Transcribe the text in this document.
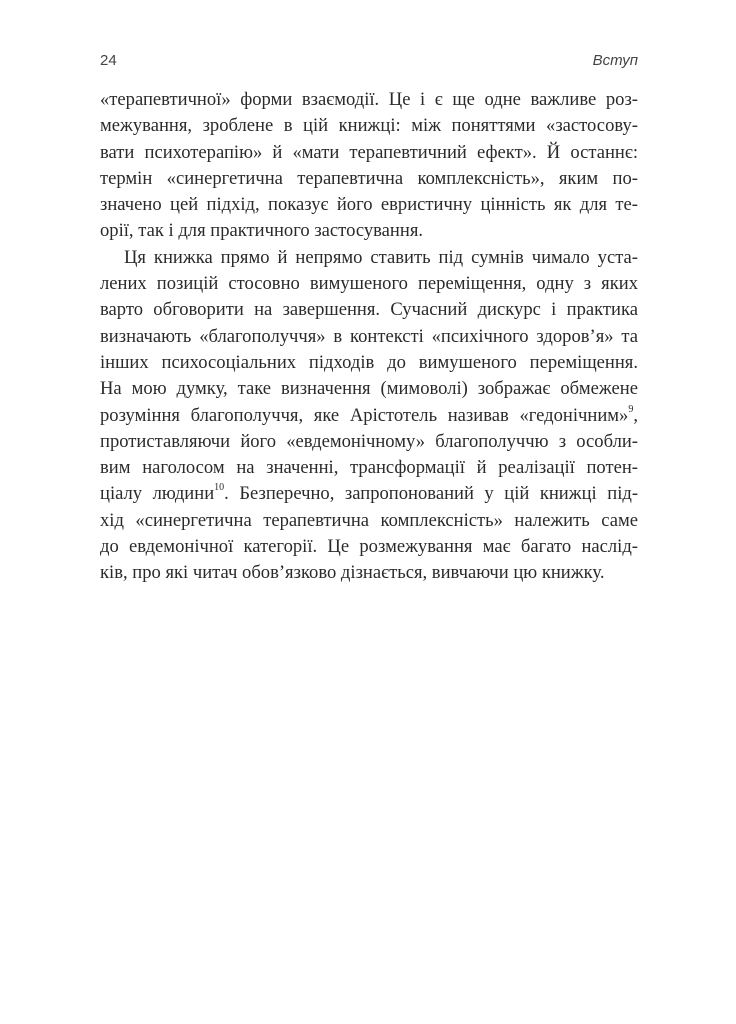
24	Вступ
«терапевтичної» форми взаємодії. Це і є ще одне важливе роз-
межування, зроблене в цій книжці: між поняттями «застосову-
вати психотерапію» й «мати терапевтичний ефект». Й останнє:
термін «синергетична терапевтична комплексність», яким по-
значено цей підхід, показує його евристичну цінність як для те-
орії, так і для практичного застосування.
Ця книжка прямо й непрямо ставить під сумнів чимало уста-
лених позицій стосовно вимушеного переміщення, одну з яких
варто обговорити на завершення. Сучасний дискурс і практика
визначають «благополуччя» в контексті «психічного здоров’я» та
інших психосоціальних підходів до вимушеного переміщення.
На мою думку, таке визначення (мимоволі) зображає обмежене
розуміння благополуччя, яке Арістотель називав «гедонічним»$^9$,
протиставляючи його «евдемонічному» благополуччю з особли-
вим наголосом на значенні, трансформації й реалізації потен-
ціалу людини$^{10}$. Безперечно, запропонований у цій книжці під-
хід «синергетична терапевтична комплексність» належить саме
до евдемонічної категорії. Це розмежування має багато наслід-
ків, про які читач обов’язково дізнається, вивчаючи цю книжку.
